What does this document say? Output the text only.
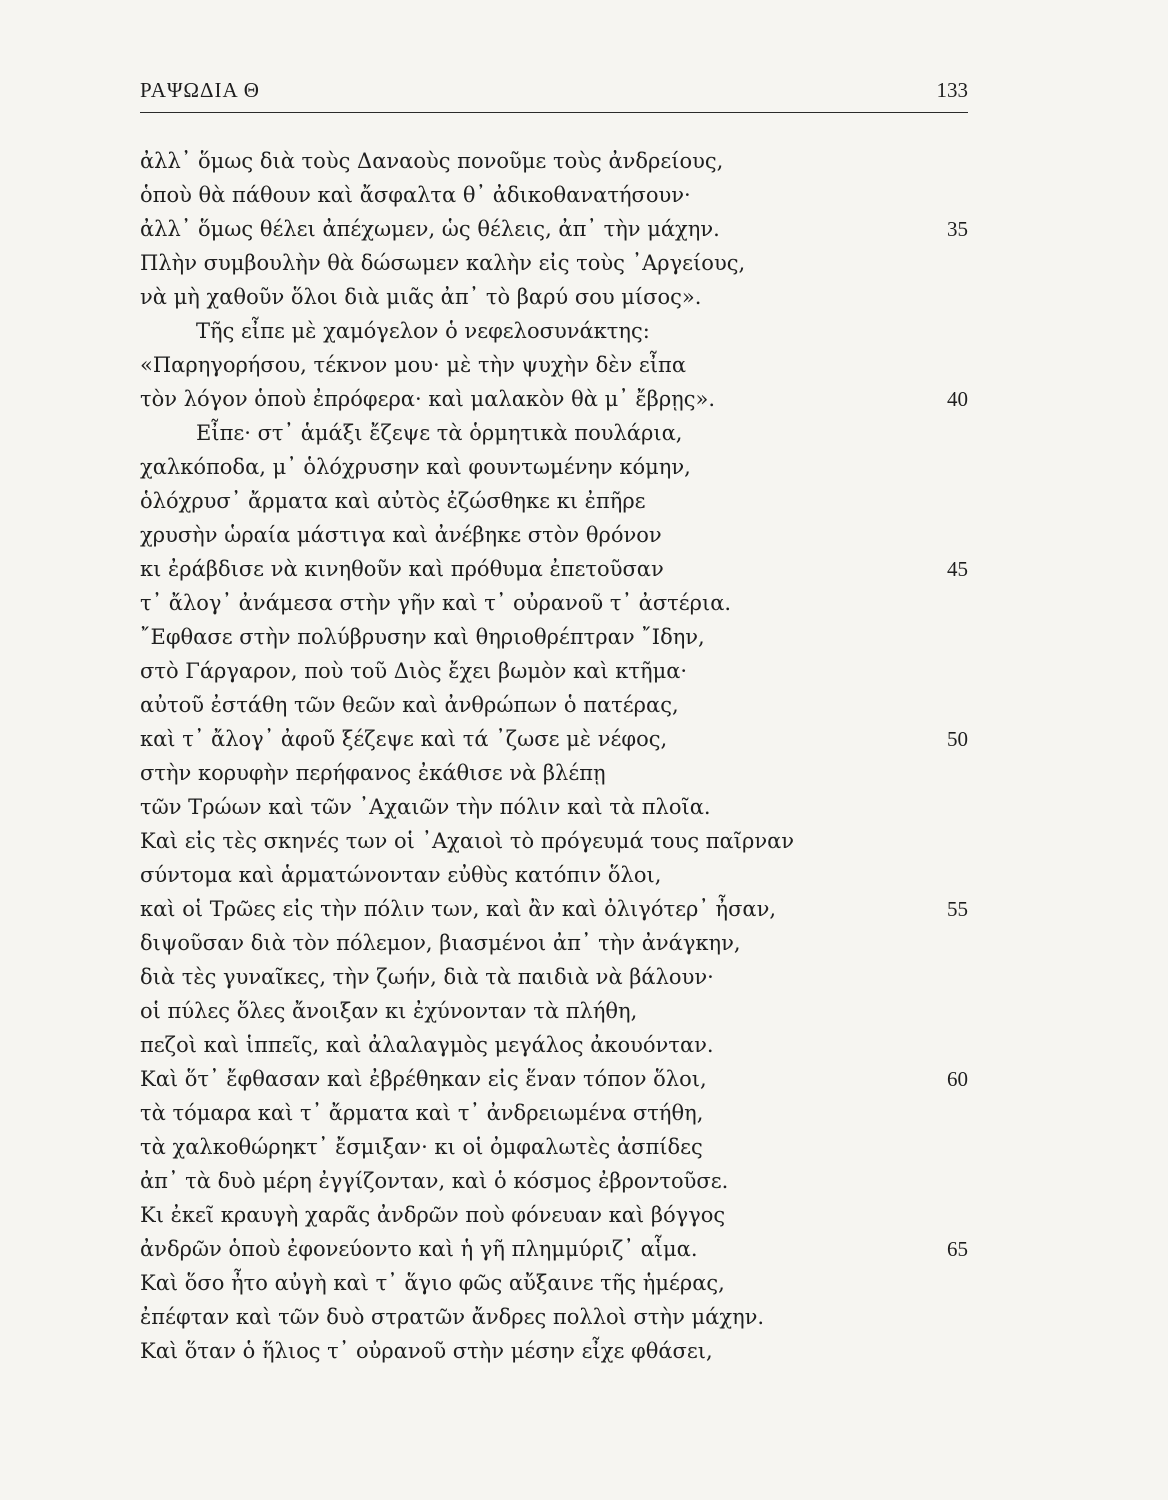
ΡΑΨΩΔΙΑ Θ	133
ἀλλ᾽ ὅμως διὰ τοὺς Δαναοὺς πονοῦμε τοὺς ἀνδρείους,
ὁποὺ θὰ πάθουν καὶ ἄσφαλτα θ᾽ ἀδικοθανατήσουν·
ἀλλ᾽ ὅμως θέλει ἀπέχωμεν, ὡς θέλεις, ἀπ᾽ τὴν μάχην.	35
Πλὴν συμβουλὴν θὰ δώσωμεν καλὴν εἰς τοὺς ᾽Αργείους,
νὰ μὴ χαθοῦν ὅλοι διὰ μιᾶς ἀπ᾽ τὸ βαρύ σου μίσος».
Τῆς εἶπε μὲ χαμόγελον ὁ νεφελοσυνάκτης:
«Παρηγορήσου, τέκνον μου· μὲ τὴν ψυχὴν δὲν εἶπα
τὸν λόγον ὁποὺ ἐπρόφερα· καὶ μαλακὸν θὰ μ᾽ ἔβρῃς».	40
Εἶπε· στ᾽ ἁμάξι ἔζεψε τὰ ὁρμητικὰ πουλάρια,
χαλκόποδα, μ᾽ ὁλόχρυσην καὶ φουντωμένην κόμην,
ὁλόχρυσ᾽ ἄρματα καὶ αὐτὸς ἐζώσθηκε κι ἐπῆρε
χρυσὴν ὡραία μάστιγα καὶ ἀνέβηκε στὸν θρόνον
κι ἐράβδισε νὰ κινηθοῦν καὶ πρόθυμα ἐπετοῦσαν	45
τ᾽ ἄλογ᾽ ἀνάμεσα στὴν γῆν καὶ τ᾽ οὐρανοῦ τ᾽ ἀστέρια.
῎Εφθασε στὴν πολύβρυσην καὶ θηριοθρέπτραν ῎Ιδην,
στὸ Γάργαρον, ποὺ τοῦ Διὸς ἔχει βωμὸν καὶ κτῆμα·
αὐτοῦ ἐστάθη τῶν θεῶν καὶ ἀνθρώπων ὁ πατέρας,
καὶ τ᾽ ἄλογ᾽ ἀφοῦ ξέζεψε καὶ τά ᾽ζωσε μὲ νέφος,	50
στὴν κορυφὴν περήφανος ἐκάθισε νὰ βλέπῃ
τῶν Τρώων καὶ τῶν ᾽Αχαιῶν τὴν πόλιν καὶ τὰ πλοῖα.
Καὶ εἰς τὲς σκηνές των οἱ ᾽Αχαιοὶ τὸ πρόγευμά τους παῖρναν
σύντομα καὶ ἁρματώνονταν εὐθὺς κατόπιν ὅλοι,
καὶ οἱ Τρῶες εἰς τὴν πόλιν των, καὶ ἂν καὶ ὀλιγότερ᾽ ἦσαν,	55
διψοῦσαν διὰ τὸν πόλεμον, βιασμένοι ἀπ᾽ τὴν ἀνάγκην,
διὰ τὲς γυναῖκες, τὴν ζωήν, διὰ τὰ παιδιὰ νὰ βάλουν·
οἱ πύλες ὅλες ἄνοιξαν κι ἐχύνονταν τὰ πλήθη,
πεζοὶ καὶ ἱππεῖς, καὶ ἀλαλαγμὸς μεγάλος ἀκουόνταν.
Καὶ ὅτ᾽ ἔφθασαν καὶ ἐβρέθηκαν εἰς ἕναν τόπον ὅλοι,	60
τὰ τόμαρα καὶ τ᾽ ἄρματα καὶ τ᾽ ἀνδρειωμένα στήθη,
τὰ χαλκοθώρηκτ᾽ ἔσμιξαν· κι οἱ ὀμφαλωτὲς ἀσπίδες
ἀπ᾽ τὰ δυὸ μέρη ἐγγίζονταν, καὶ ὁ κόσμος ἐβροντοῦσε.
Κι ἐκεῖ κραυγὴ χαρᾶς ἀνδρῶν ποὺ φόνευαν καὶ βόγγος
ἀνδρῶν ὁποὺ ἐφονεύοντο καὶ ἡ γῆ πλημμύριζ᾽ αἷμα.	65
Καὶ ὅσο ἦτο αὐγὴ καὶ τ᾽ ἅγιο φῶς αὔξαινε τῆς ἡμέρας,
ἐπέφταν καὶ τῶν δυὸ στρατῶν ἄνδρες πολλοὶ στὴν μάχην.
Καὶ ὅταν ὁ ἥλιος τ᾽ οὐρανοῦ στὴν μέσην εἶχε φθάσει,
